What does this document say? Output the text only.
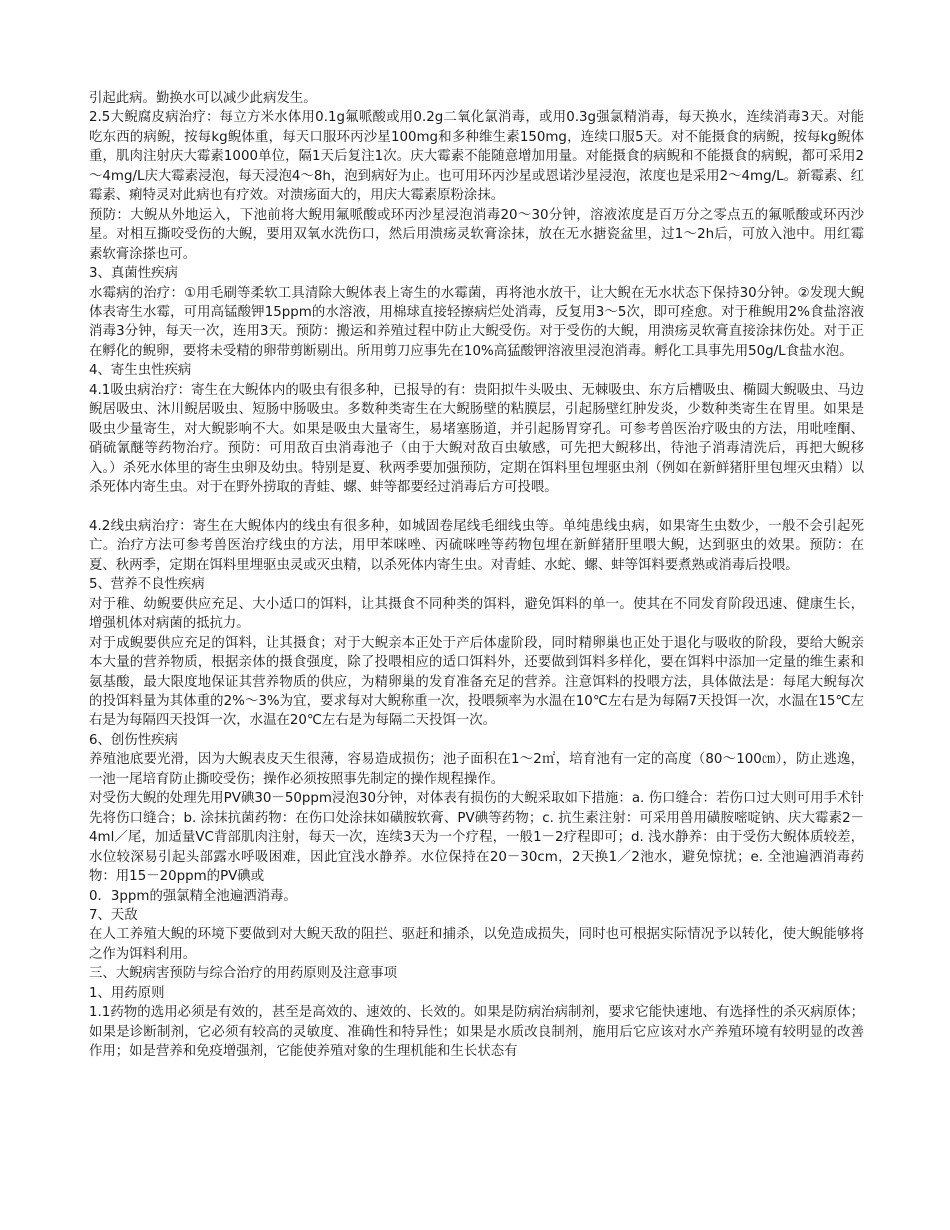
引起此病。勤换水可以减少此病发生。

2.5大鲵腐皮病治疗：每立方米水体用0.1g氟哌酸或用0.2g二氧化氯消毒，或用0.3g强氯精消毒，每天换水，连续消毒3天。对能吃东西的病鲵，按每kg鲵体重，每天口服环丙沙星100mg和多种维生素150mg，连续口服5天。对不能摄食的病鲵，按每kg鲵体重，肌肉注射庆大霉素1000单位，隔1天后复注1次。庆大霉素不能随意增加用量。对能摄食的病鲵和不能摄食的病鲵，都可采用2～4mg/L庆大霉素浸泡，每天浸泡4～8h，泡到病好为止。也可用环丙沙星或恩诺沙星浸泡，浓度也是采用2～4mg/L。新霉素、红霉素、痢特灵对此病也有疗效。对溃疡面大的，用庆大霉素原粉涂抹。

预防：大鲵从外地运入，下池前将大鲵用氟哌酸或环丙沙星浸泡消毒20～30分钟，溶液浓度是百万分之零点五的氟哌酸或环丙沙星。对相互撕咬受伤的大鲵，要用双氧水洗伤口，然后用溃疡灵软膏涂抹，放在无水搪瓷盆里，过1～2h后，可放入池中。用红霉素软膏涂搽也可。

3、真菌性疾病

水霉病的治疗：①用毛刷等柔软工具清除大鲵体表上寄生的水霉菌，再将池水放干，让大鲵在无水状态下保持30分钟。②发现大鲵体表寄生水霉，可用高锰酸钾15ppm的水溶液，用棉球直接轻擦病烂处消毒，反复用3～5次，即可痊愈。对于稚鲵用2%食盐溶液消毒3分钟，每天一次，连用3天。预防：搬运和养殖过程中防止大鲵受伤。对于受伤的大鲵，用溃疡灵软膏直接涂抹伤处。对于正在孵化的鲵卵，要将未受精的卵带剪断剔出。所用剪刀应事先在10%高猛酸钾溶液里浸泡消毒。孵化工具事先用50g/L食盐水泡。

4、寄生虫性疾病

4.1吸虫病治疗：寄生在大鲵体内的吸虫有很多种，已报导的有：贵阳拟牛头吸虫、无棘吸虫、东方后槽吸虫、椭圆大鲵吸虫、马边鲵居吸虫、沐川鲵居吸虫、短肠中肠吸虫。多数种类寄生在大鲵肠壁的粘膜层，引起肠壁红肿发炎，少数种类寄生在胃里。如果是吸虫少量寄生，对大鲵影响不大。如果是吸虫大量寄生，易堵塞肠道，并引起肠胃穿孔。可参考兽医治疗吸虫的方法，用吡喹酮、硝硫氰醚等药物治疗。预防：可用敌百虫消毒池子（由于大鲵对敌百虫敏感，可先把大鲵移出，待池子消毒清洗后，再把大鲵移入。）杀死水体里的寄生虫卵及幼虫。特别是夏、秋两季要加强预防，定期在饵料里包埋驱虫剂（例如在新鲜猪肝里包埋灭虫精）以杀死体内寄生虫。对于在野外捞取的青蛙、螺、蚌等都要经过消毒后方可投喂。

4.2线虫病治疗：寄生在大鲵体内的线虫有很多种，如城固卷尾线毛细线虫等。单纯患线虫病，如果寄生虫数少，一般不会引起死亡。治疗方法可参考兽医治疗线虫的方法，用甲苯咪唑、丙硫咪唑等药物包埋在新鲜猪肝里喂大鲵，达到驱虫的效果。预防：在夏、秋两季，定期在饵料里埋驱虫灵或灭虫精，以杀死体内寄生虫。对青蛙、水蛇、螺、蚌等饵料要煮熟或消毒后投喂。

5、营养不良性疾病

对于稚、幼鲵要供应充足、大小适口的饵料，让其摄食不同种类的饵料，避免饵料的单一。使其在不同发育阶段迅速、健康生长，增强机体对病菌的抵抗力。

对于成鲵要供应充足的饵料，让其摄食；对于大鲵亲本正处于产后体虚阶段，同时精卵巢也正处于退化与吸收的阶段，要给大鲵亲本大量的营养物质，根据亲体的摄食强度，除了投喂相应的适口饵料外，还要做到饵料多样化，要在饵料中添加一定量的维生素和氨基酸，最大限度地保证其营养物质的供应，为精卵巢的发育准备充足的营养。注意饵料的投喂方法，具体做法是：每尾大鲵每次的投饵料量为其体重的2%～3%为宜，要求每对大鲵称重一次，投喂频率为水温在10℃左右是为每隔7天投饵一次，水温在15℃左右是为每隔四天投饵一次，水温在20℃左右是为每隔二天投饵一次。

6、创伤性疾病

养殖池底要光滑，因为大鲵表皮天生很薄，容易造成损伤；池子面积在1～2㎡，培育池有一定的高度（80～100㎝），防止逃逸，一池一尾培育防止撕咬受伤；操作必须按照事先制定的操作规程操作。

对受伤大鲵的处理先用PV碘30－50ppm浸泡30分钟，对体表有损伤的大鲵采取如下措施：a. 伤口缝合：若伤口过大则可用手术针先将伤口缝合；b. 涂抹抗菌药物：在伤口处涂抹如磺胺软膏、PV碘等药物；c. 抗生素注射：可采用兽用磺胺嘧啶钠、庆大霉素2－4ml／尾，加适量VC背部肌肉注射，每天一次，连续3天为一个疗程，一般1－2疗程即可；d. 浅水静养：由于受伤大鲵体质较差，水位较深易引起头部露水呼吸困难，因此宜浅水静养。水位保持在20－30cm，2天换1／2池水，避免惊扰；e. 全池遍洒消毒药物：用15－20ppm的PV碘或

0．3ppm的强氯精全池遍洒消毒。

7、天敌

在人工养殖大鲵的环境下要做到对大鲵天敌的阻拦、驱赶和捕杀，以免造成损失，同时也可根据实际情况予以转化，使大鲵能够将之作为饵料利用。

三、大鲵病害预防与综合治疗的用药原则及注意事项

1、用药原则

1.1药物的选用必须是有效的，甚至是高效的、速效的、长效的。如果是防病治病制剂，要求它能快速地、有选择性的杀灭病原体；如果是诊断制剂，它必须有较高的灵敏度、准确性和特异性；如果是水质改良制剂，施用后它应该对水产养殖环境有较明显的改善作用；如是营养和免疫增强剂，它能使养殖对象的生理机能和生长状态有
